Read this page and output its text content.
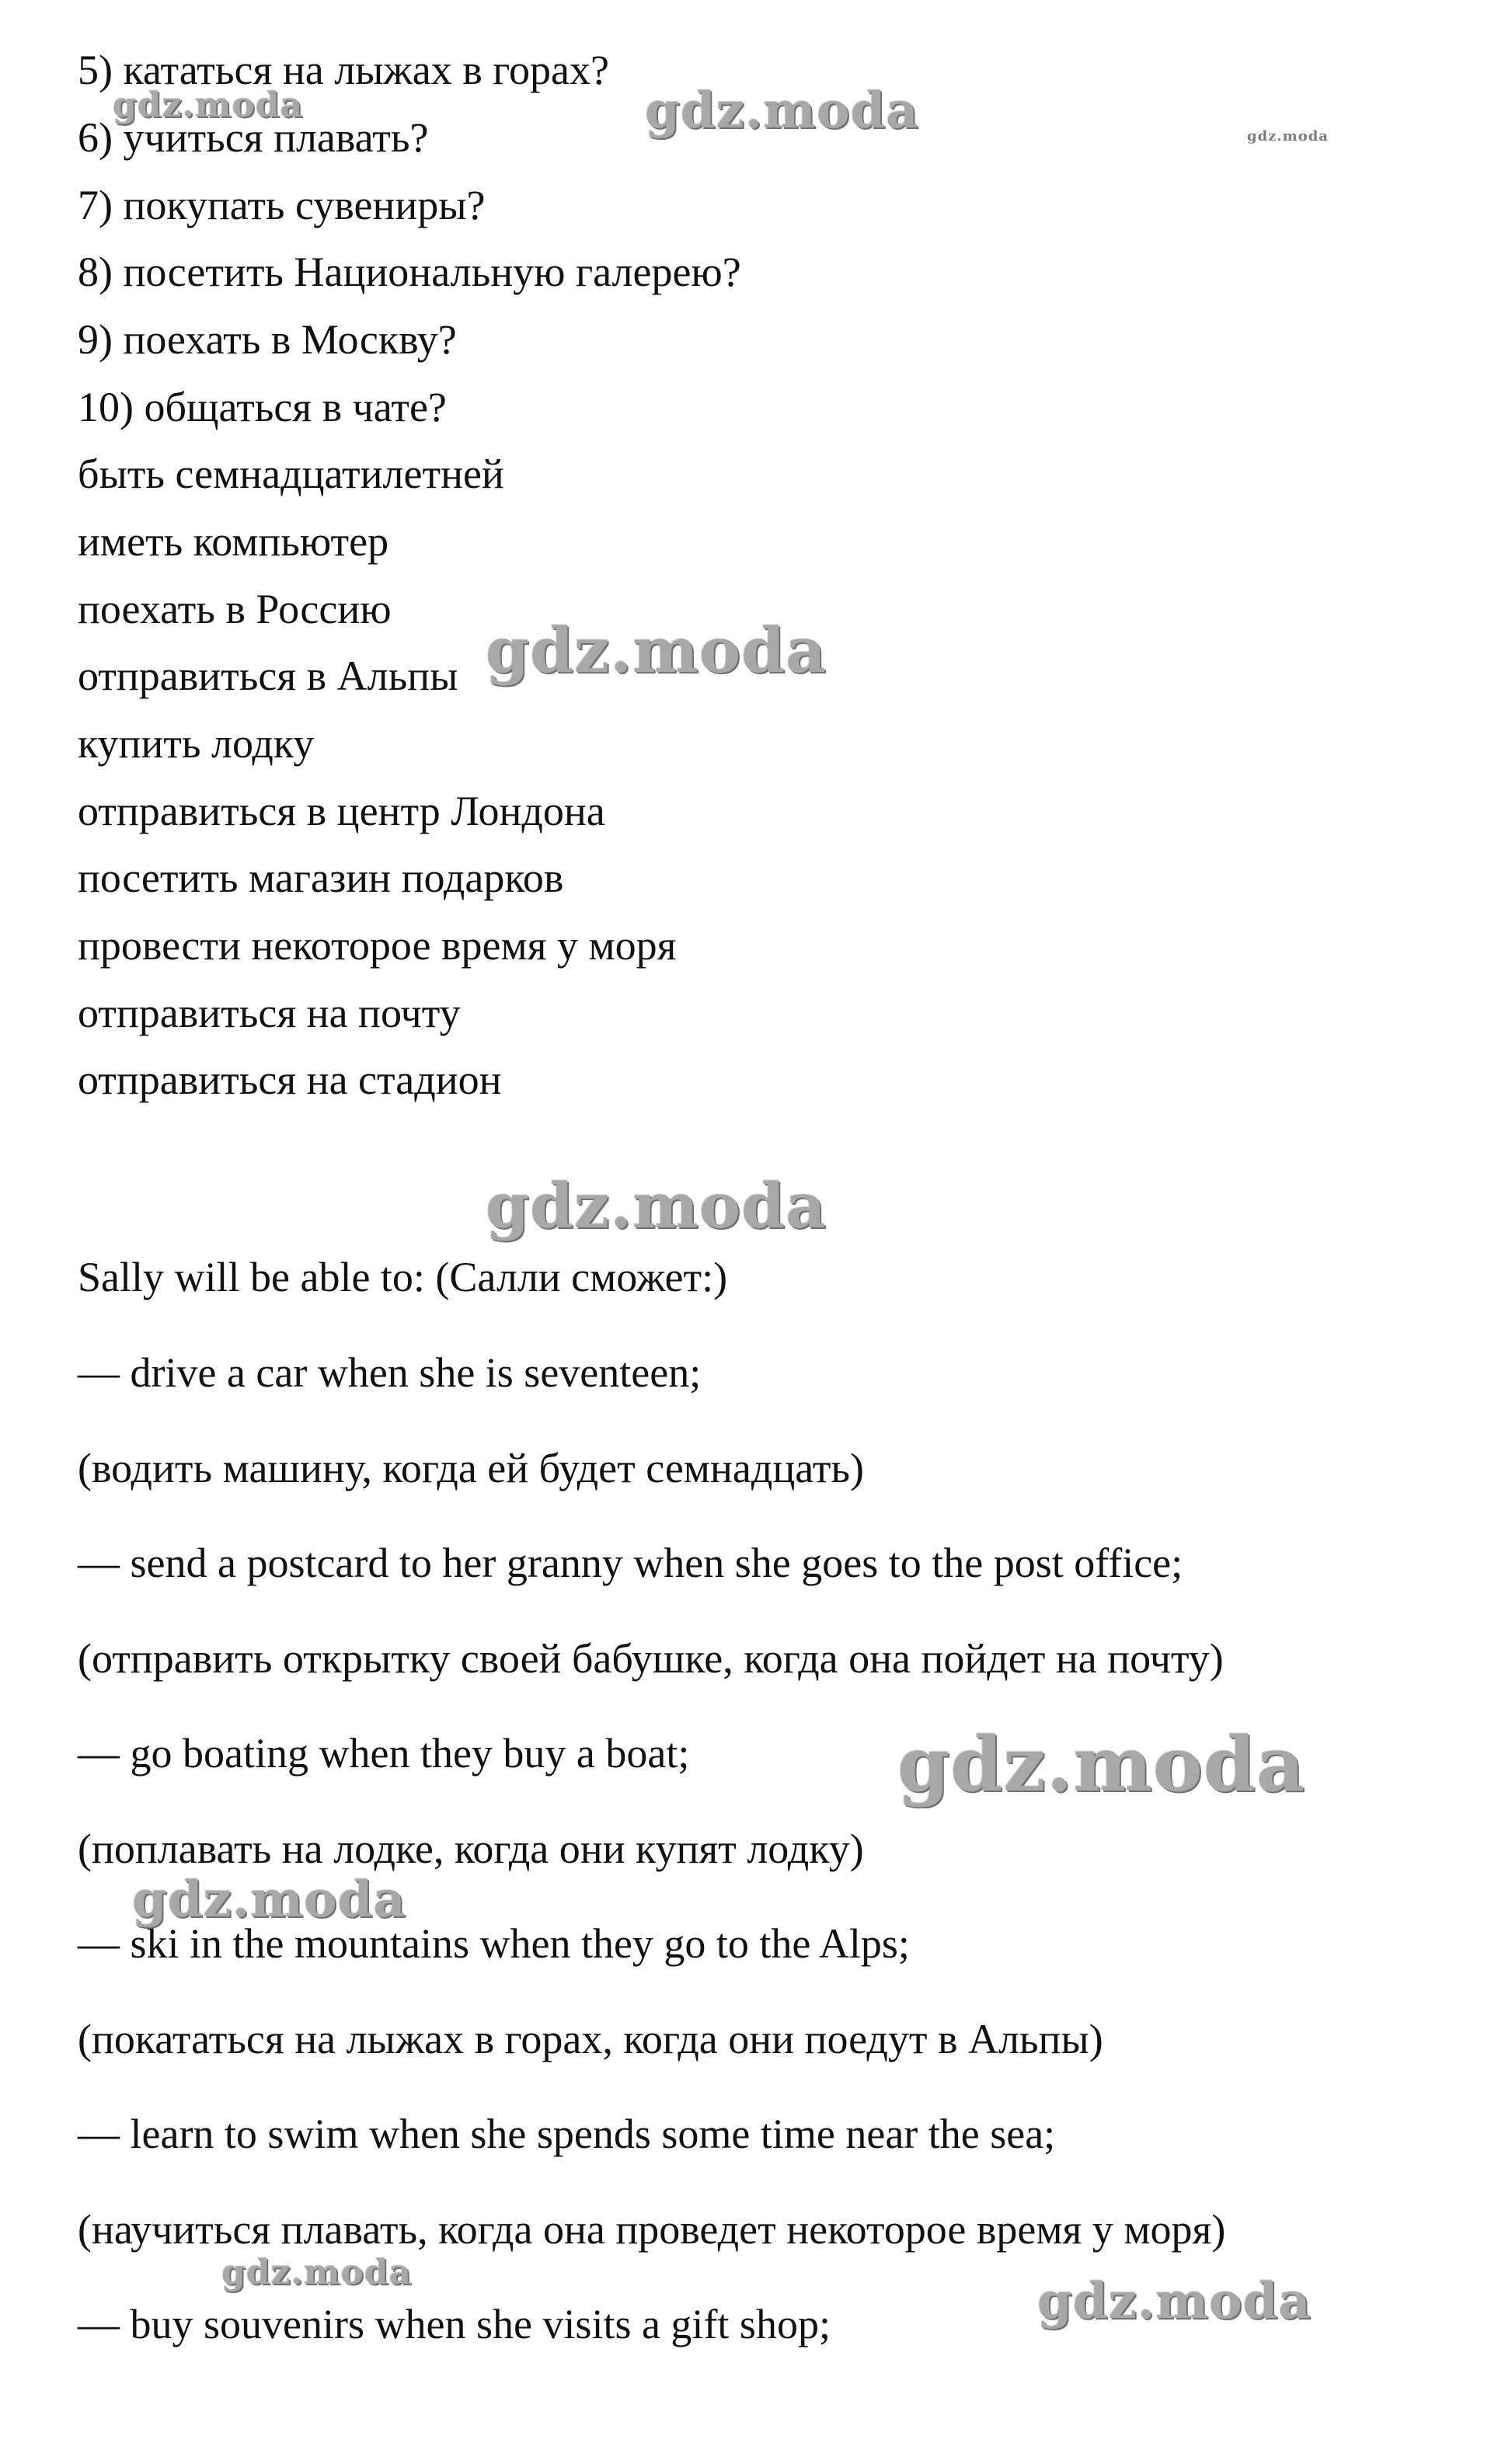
5) кататься на лыжах в горах?
6) учиться плавать?
7) покупать сувениры?
8) посетить Национальную галерею?
9) поехать в Москву?
10) общаться в чате?
быть семнадцатилетней
иметь компьютер
поехать в Россию
отправиться в Альпы
купить лодку
отправиться в центр Лондона
посетить магазин подарков
провести некоторое время у моря
отправиться на почту
отправиться на стадион
Sally will be able to: (Салли сможет:)
— drive a car when she is seventeen;
(водить машину, когда ей будет семнадцать)
— send a postcard to her granny when she goes to the post office;
(отправить открытку своей бабушке, когда она пойдет на почту)
— go boating when they buy a boat;
(поплавать на лодке, когда они купят лодку)
— ski in the mountains when they go to the Alps;
(покататься на лыжах в горах, когда они поедут в Альпы)
— learn to swim when she spends some time near the sea;
(научиться плавать, когда она проведет некоторое время у моря)
— buy souvenirs when she visits a gift shop;
gdz.moda	gdz.moda	gdz.moda
gdz.moda
gdz.moda
gdz.moda
gdz.moda
gdz.moda	gdz.moda
